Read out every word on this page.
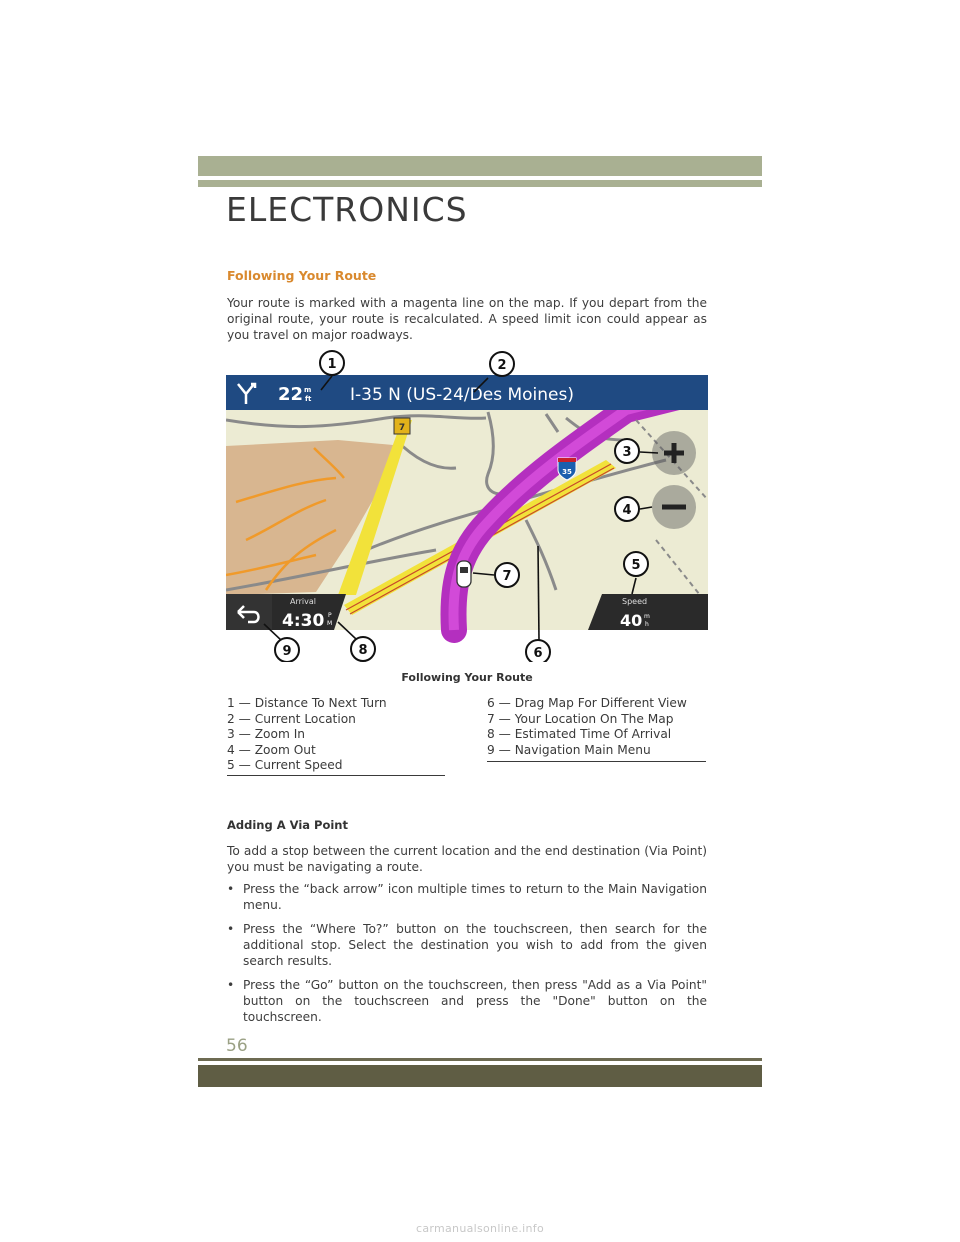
ELECTRONICS
Following Your Route

Your route is marked with a magenta line on the map. If you depart from the original route, your route is recalculated. A speed limit icon could appear as you travel on major roadways.

35
7
22 m
ft I-35 N (US-24/Des Moines)
Arrival
4:30 P
M
Speed
40 m
h
1	2
3
4
5
6
7
8
9
Following Your Route
1 — Distance To Next Turn
2 — Current Location
3 — Zoom In
4 — Zoom Out
5 — Current Speed
6 — Drag Map For Different View
7 — Your Location On The Map
8 — Estimated Time Of Arrival
9 — Navigation Main Menu
Adding A Via Point

To add a stop between the current location and the end destination (Via Point) you must be navigating a route.

• Press the “back arrow” icon multiple times to return to the Main Navigation menu.
• Press the “Where To?” button on the touchscreen, then search for the additional stop. Select the destination you wish to add from the given search results.
• Press the “Go” button on the touchscreen, then press "Add as a Via Point" button on the touchscreen and press the "Done" button on the touchscreen.
56
carmanualsonline.info
